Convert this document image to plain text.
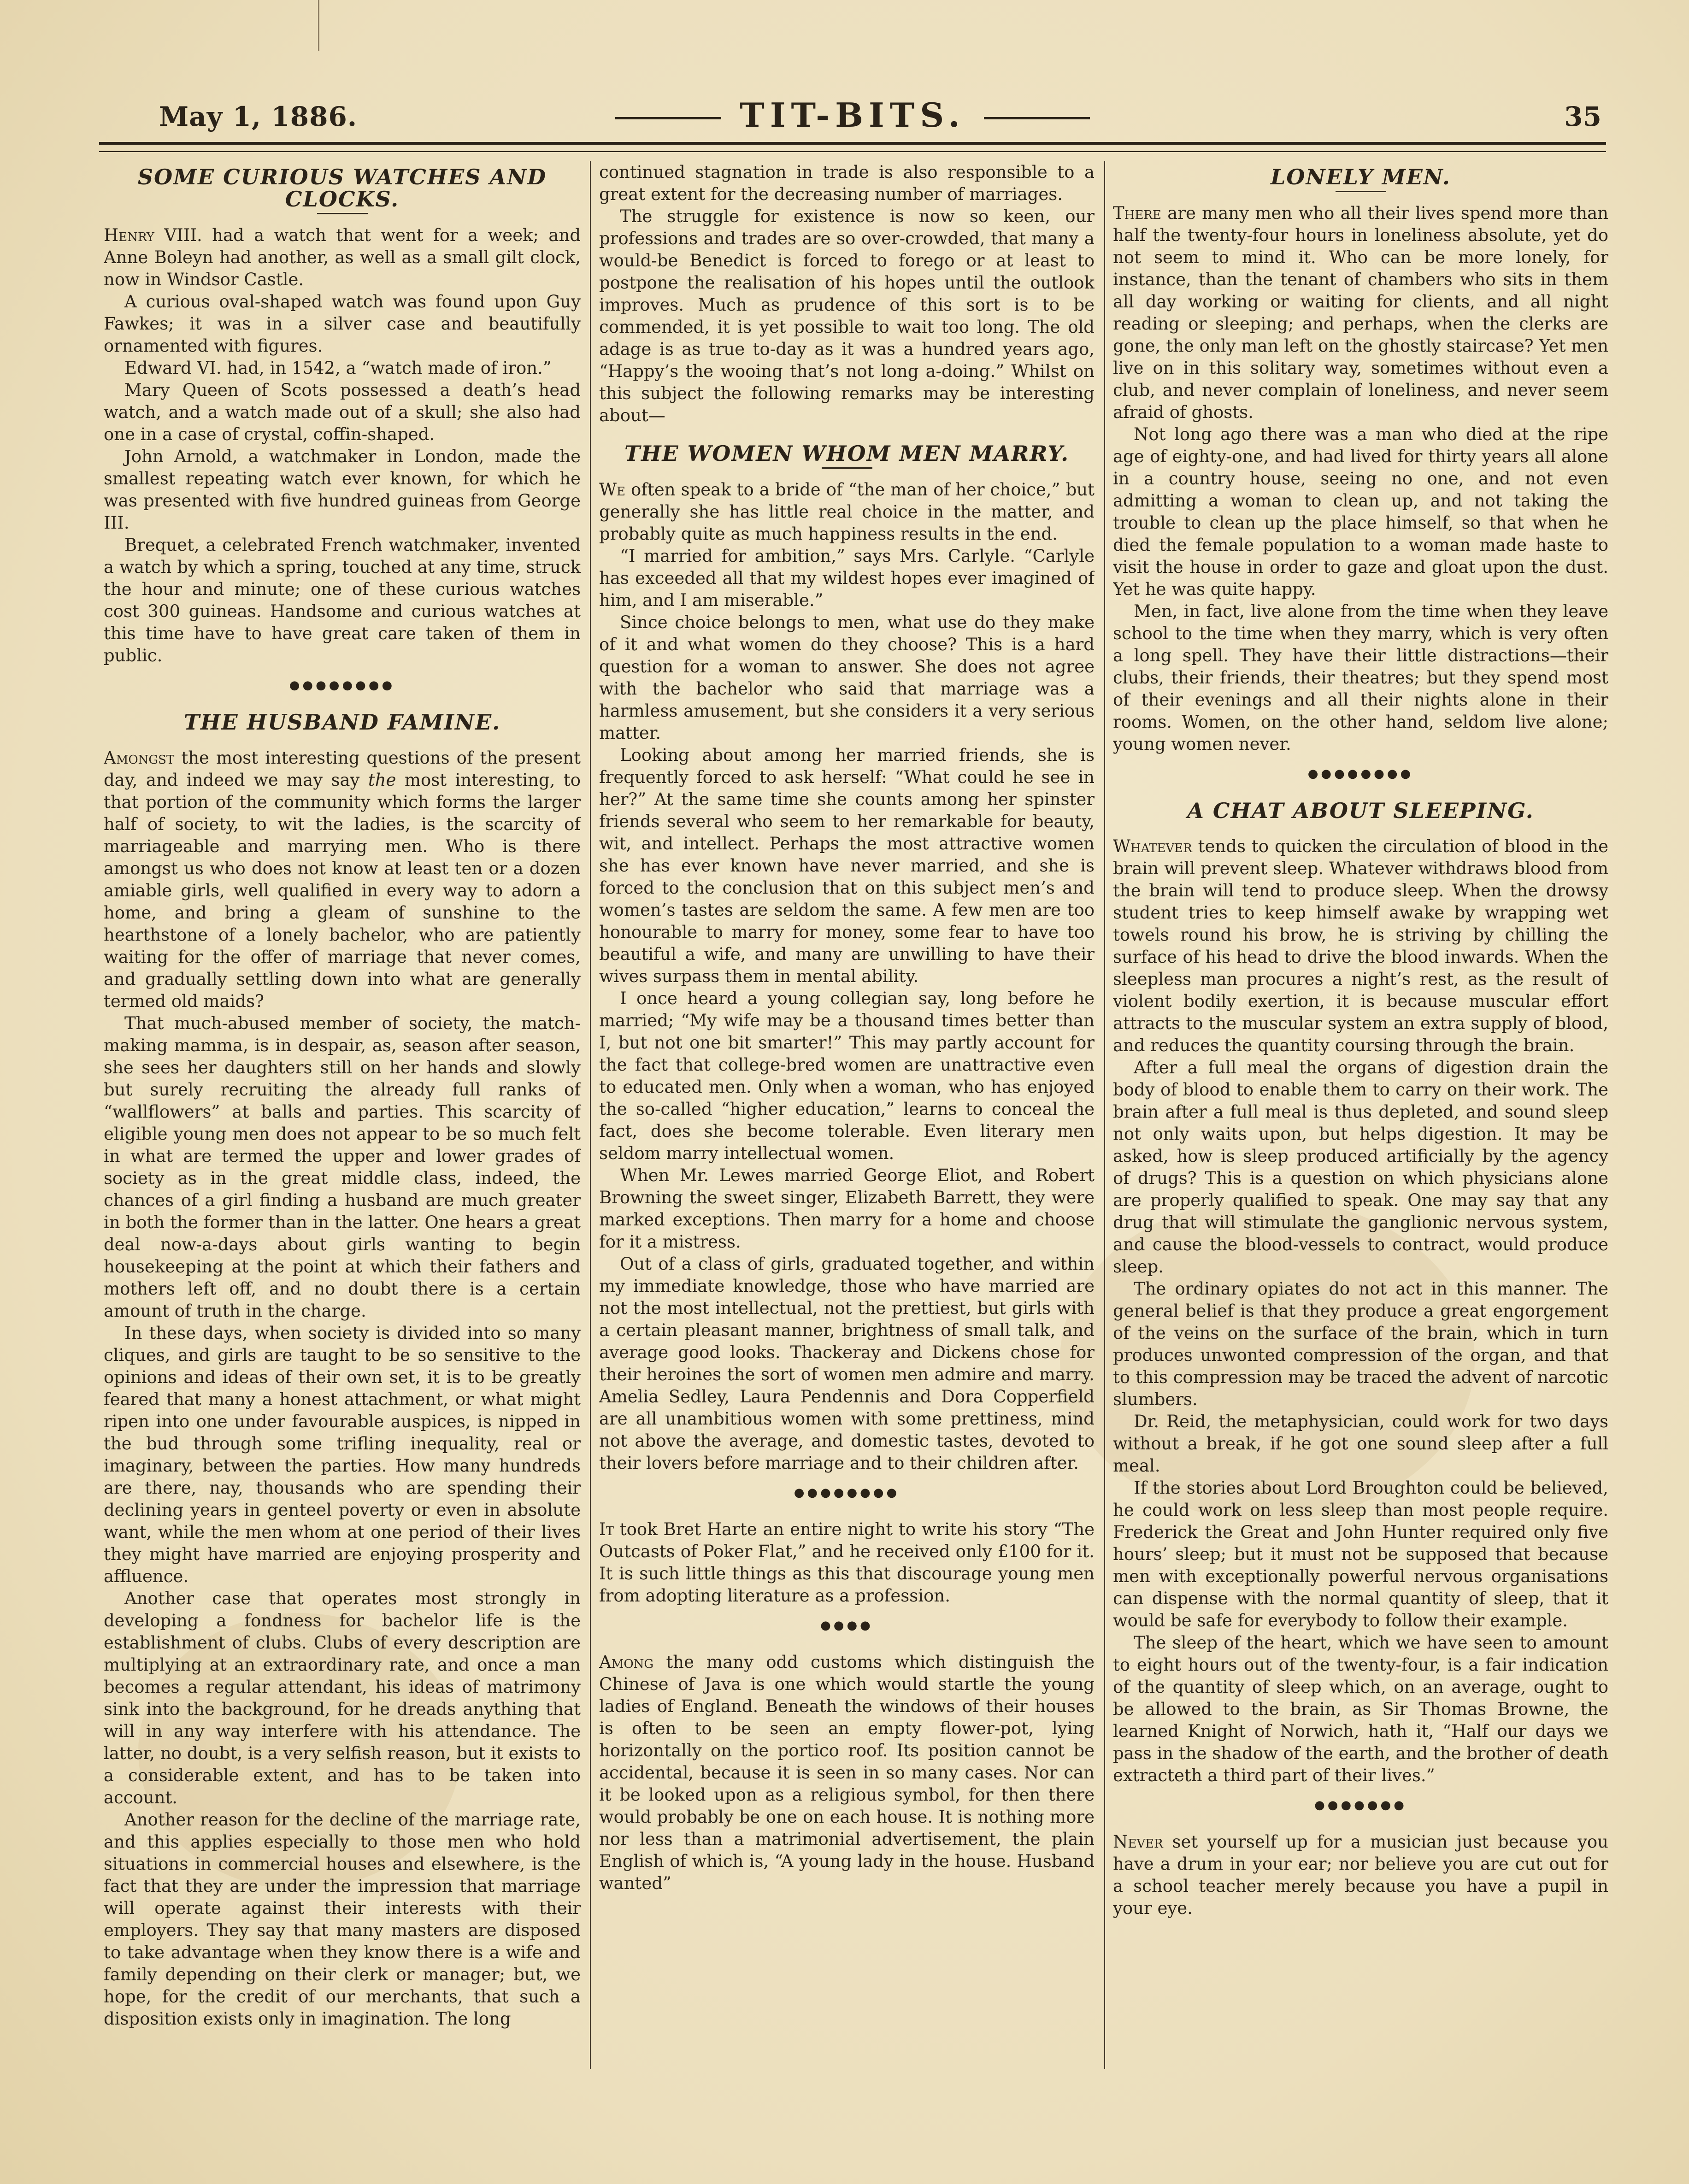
May 1, 1886.	TIT-BITS.	35
SOME CURIOUS WATCHES AND CLOCKS.

Henry VIII. had a watch that went for a week; and Anne Boleyn had another, as well as a small gilt clock, now in Windsor Castle.

A curious oval-shaped watch was found upon Guy Fawkes; it was in a silver case and beautifully ornamented with figures.

Edward VI. had, in 1542, a “watch made of iron.”

Mary Queen of Scots possessed a death’s head watch, and a watch made out of a skull; she also had one in a case of crystal, coffin-shaped.

John Arnold, a watchmaker in London, made the smallest repeating watch ever known, for which he was presented with five hundred guineas from George III.

Brequet, a celebrated French watchmaker, invented a watch by which a spring, touched at any time, struck the hour and minute; one of these curious watches cost 300 guineas. Handsome and curious watches at this time have to have great care taken of them in public.

●●●●●●●●
THE HUSBAND FAMINE.

Amongst the most interesting questions of the present day, and indeed we may say the most interesting, to that portion of the community which forms the larger half of society, to wit the ladies, is the scarcity of marriageable and marrying men. Who is there amongst us who does not know at least ten or a dozen amiable girls, well qualified in every way to adorn a home, and bring a gleam of sunshine to the hearthstone of a lonely bachelor, who are patiently waiting for the offer of marriage that never comes, and gradually settling down into what are generally termed old maids?

That much-abused member of society, the match-making mamma, is in despair, as, season after season, she sees her daughters still on her hands and slowly but surely recruiting the already full ranks of “wallflowers” at balls and parties. This scarcity of eligible young men does not appear to be so much felt in what are termed the upper and lower grades of society as in the great middle class, indeed, the chances of a girl finding a husband are much greater in both the former than in the latter. One hears a great deal now-a-days about girls wanting to begin housekeeping at the point at which their fathers and mothers left off, and no doubt there is a certain amount of truth in the charge.

In these days, when society is divided into so many cliques, and girls are taught to be so sensitive to the opinions and ideas of their own set, it is to be greatly feared that many a honest attachment, or what might ripen into one under favourable auspices, is nipped in the bud through some trifling inequality, real or imaginary, between the parties. How many hundreds are there, nay, thousands who are spending their declining years in genteel poverty or even in absolute want, while the men whom at one period of their lives they might have married are enjoying prosperity and affluence.

Another case that operates most strongly in developing a fondness for bachelor life is the establishment of clubs. Clubs of every description are multiplying at an extraordinary rate, and once a man becomes a regular attendant, his ideas of matrimony sink into the background, for he dreads anything that will in any way interfere with his attendance. The latter, no doubt, is a very selfish reason, but it exists to a considerable extent, and has to be taken into account.

Another reason for the decline of the marriage rate, and this applies especially to those men who hold situations in commercial houses and elsewhere, is the fact that they are under the impression that marriage will operate against their interests with their employers. They say that many masters are disposed to take advantage when they know there is a wife and family depending on their clerk or manager; but, we hope, for the credit of our merchants, that such a disposition exists only in imagination. The long

continued stagnation in trade is also responsible to a great extent for the decreasing number of marriages.

The struggle for existence is now so keen, our professions and trades are so over-crowded, that many a would-be Benedict is forced to forego or at least to postpone the realisation of his hopes until the outlook improves. Much as prudence of this sort is to be commended, it is yet possible to wait too long. The old adage is as true to-day as it was a hundred years ago, “Happy’s the wooing that’s not long a-doing.” Whilst on this subject the following remarks may be interesting about—

THE WOMEN WHOM MEN MARRY.

We often speak to a bride of “the man of her choice,” but generally she has little real choice in the matter, and probably quite as much happiness results in the end.

“I married for ambition,” says Mrs. Carlyle. “Carlyle has exceeded all that my wildest hopes ever imagined of him, and I am miserable.”

Since choice belongs to men, what use do they make of it and what women do they choose? This is a hard question for a woman to answer. She does not agree with the bachelor who said that marriage was a harmless amusement, but she considers it a very serious matter.

Looking about among her married friends, she is frequently forced to ask herself: “What could he see in her?” At the same time she counts among her spinster friends several who seem to her remarkable for beauty, wit, and intellect. Perhaps the most attractive women she has ever known have never married, and she is forced to the conclusion that on this subject men’s and women’s tastes are seldom the same. A few men are too honourable to marry for money, some fear to have too beautiful a wife, and many are unwilling to have their wives surpass them in mental ability.

I once heard a young collegian say, long before he married; “My wife may be a thousand times better than I, but not one bit smarter!” This may partly account for the fact that college-bred women are unattractive even to educated men. Only when a woman, who has enjoyed the so-called “higher education,” learns to conceal the fact, does she become tolerable. Even literary men seldom marry intellectual women.

When Mr. Lewes married George Eliot, and Robert Browning the sweet singer, Elizabeth Barrett, they were marked exceptions. Then marry for a home and choose for it a mistress.

Out of a class of girls, graduated together, and within my immediate knowledge, those who have married are not the most intellectual, not the prettiest, but girls with a certain pleasant manner, brightness of small talk, and average good looks. Thackeray and Dickens chose for their heroines the sort of women men admire and marry. Amelia Sedley, Laura Pendennis and Dora Copperfield are all unambitious women with some prettiness, mind not above the average, and domestic tastes, devoted to their lovers before marriage and to their children after.

●●●●●●●●

It took Bret Harte an entire night to write his story “The Outcasts of Poker Flat,” and he received only £100 for it. It is such little things as this that discourage young men from adopting literature as a profession.

●●●●

Among the many odd customs which distinguish the Chinese of Java is one which would startle the young ladies of England. Beneath the windows of their houses is often to be seen an empty flower-pot, lying horizontally on the portico roof. Its position cannot be accidental, because it is seen in so many cases. Nor can it be looked upon as a religious symbol, for then there would probably be one on each house. It is nothing more nor less than a matrimonial advertisement, the plain English of which is, “A young lady in the house. Husband wanted”

LONELY MEN.

There are many men who all their lives spend more than half the twenty-four hours in loneliness absolute, yet do not seem to mind it. Who can be more lonely, for instance, than the tenant of chambers who sits in them all day working or waiting for clients, and all night reading or sleeping; and perhaps, when the clerks are gone, the only man left on the ghostly staircase? Yet men live on in this solitary way, sometimes without even a club, and never complain of loneliness, and never seem afraid of ghosts.

Not long ago there was a man who died at the ripe age of eighty-one, and had lived for thirty years all alone in a country house, seeing no one, and not even admitting a woman to clean up, and not taking the trouble to clean up the place himself, so that when he died the female population to a woman made haste to visit the house in order to gaze and gloat upon the dust. Yet he was quite happy.

Men, in fact, live alone from the time when they leave school to the time when they marry, which is very often a long spell. They have their little distractions—their clubs, their friends, their theatres; but they spend most of their evenings and all their nights alone in their rooms. Women, on the other hand, seldom live alone; young women never.

●●●●●●●●
A CHAT ABOUT SLEEPING.

Whatever tends to quicken the circulation of blood in the brain will prevent sleep. Whatever withdraws blood from the brain will tend to produce sleep. When the drowsy student tries to keep himself awake by wrapping wet towels round his brow, he is striving by chilling the surface of his head to drive the blood inwards. When the sleepless man procures a night’s rest, as the result of violent bodily exertion, it is because muscular effort attracts to the muscular system an extra supply of blood, and reduces the quantity coursing through the brain.

After a full meal the organs of digestion drain the body of blood to enable them to carry on their work. The brain after a full meal is thus depleted, and sound sleep not only waits upon, but helps digestion. It may be asked, how is sleep produced artificially by the agency of drugs? This is a question on which physicians alone are properly qualified to speak. One may say that any drug that will stimulate the ganglionic nervous system, and cause the blood-vessels to contract, would produce sleep.

The ordinary opiates do not act in this manner. The general belief is that they produce a great engorgement of the veins on the surface of the brain, which in turn produces unwonted compression of the organ, and that to this compression may be traced the advent of narcotic slumbers.

Dr. Reid, the metaphysician, could work for two days without a break, if he got one sound sleep after a full meal.

If the stories about Lord Broughton could be believed, he could work on less sleep than most people require. Frederick the Great and John Hunter required only five hours’ sleep; but it must not be supposed that because men with exceptionally powerful nervous organisations can dispense with the normal quantity of sleep, that it would be safe for everybody to follow their example.

The sleep of the heart, which we have seen to amount to eight hours out of the twenty-four, is a fair indication of the quantity of sleep which, on an average, ought to be allowed to the brain, as Sir Thomas Browne, the learned Knight of Norwich, hath it, “Half our days we pass in the shadow of the earth, and the brother of death extracteth a third part of their lives.”

●●●●●●●

Never set yourself up for a musician just because you have a drum in your ear; nor believe you are cut out for a school teacher merely because you have a pupil in your eye.
